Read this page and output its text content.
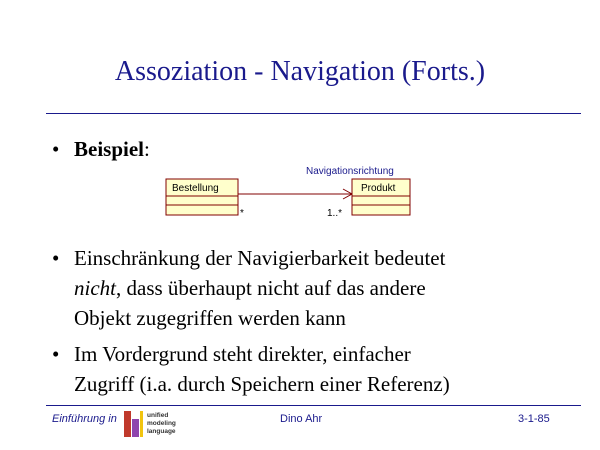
Assoziation - Navigation (Forts.)
• Beispiel:
Navigationsrichtung
Bestellung	Produkt
*	1..*
• Einschränkung der Navigierbarkeit bedeutet
nicht, dass überhaupt nicht auf das andere
Objekt zugegriffen werden kann
• Im Vordergrund steht direkter, einfacher
Zugriff (i.a. durch Speichern einer Referenz)
Einführung in	unified
modeling
language
Dino Ahr	3-1-85
